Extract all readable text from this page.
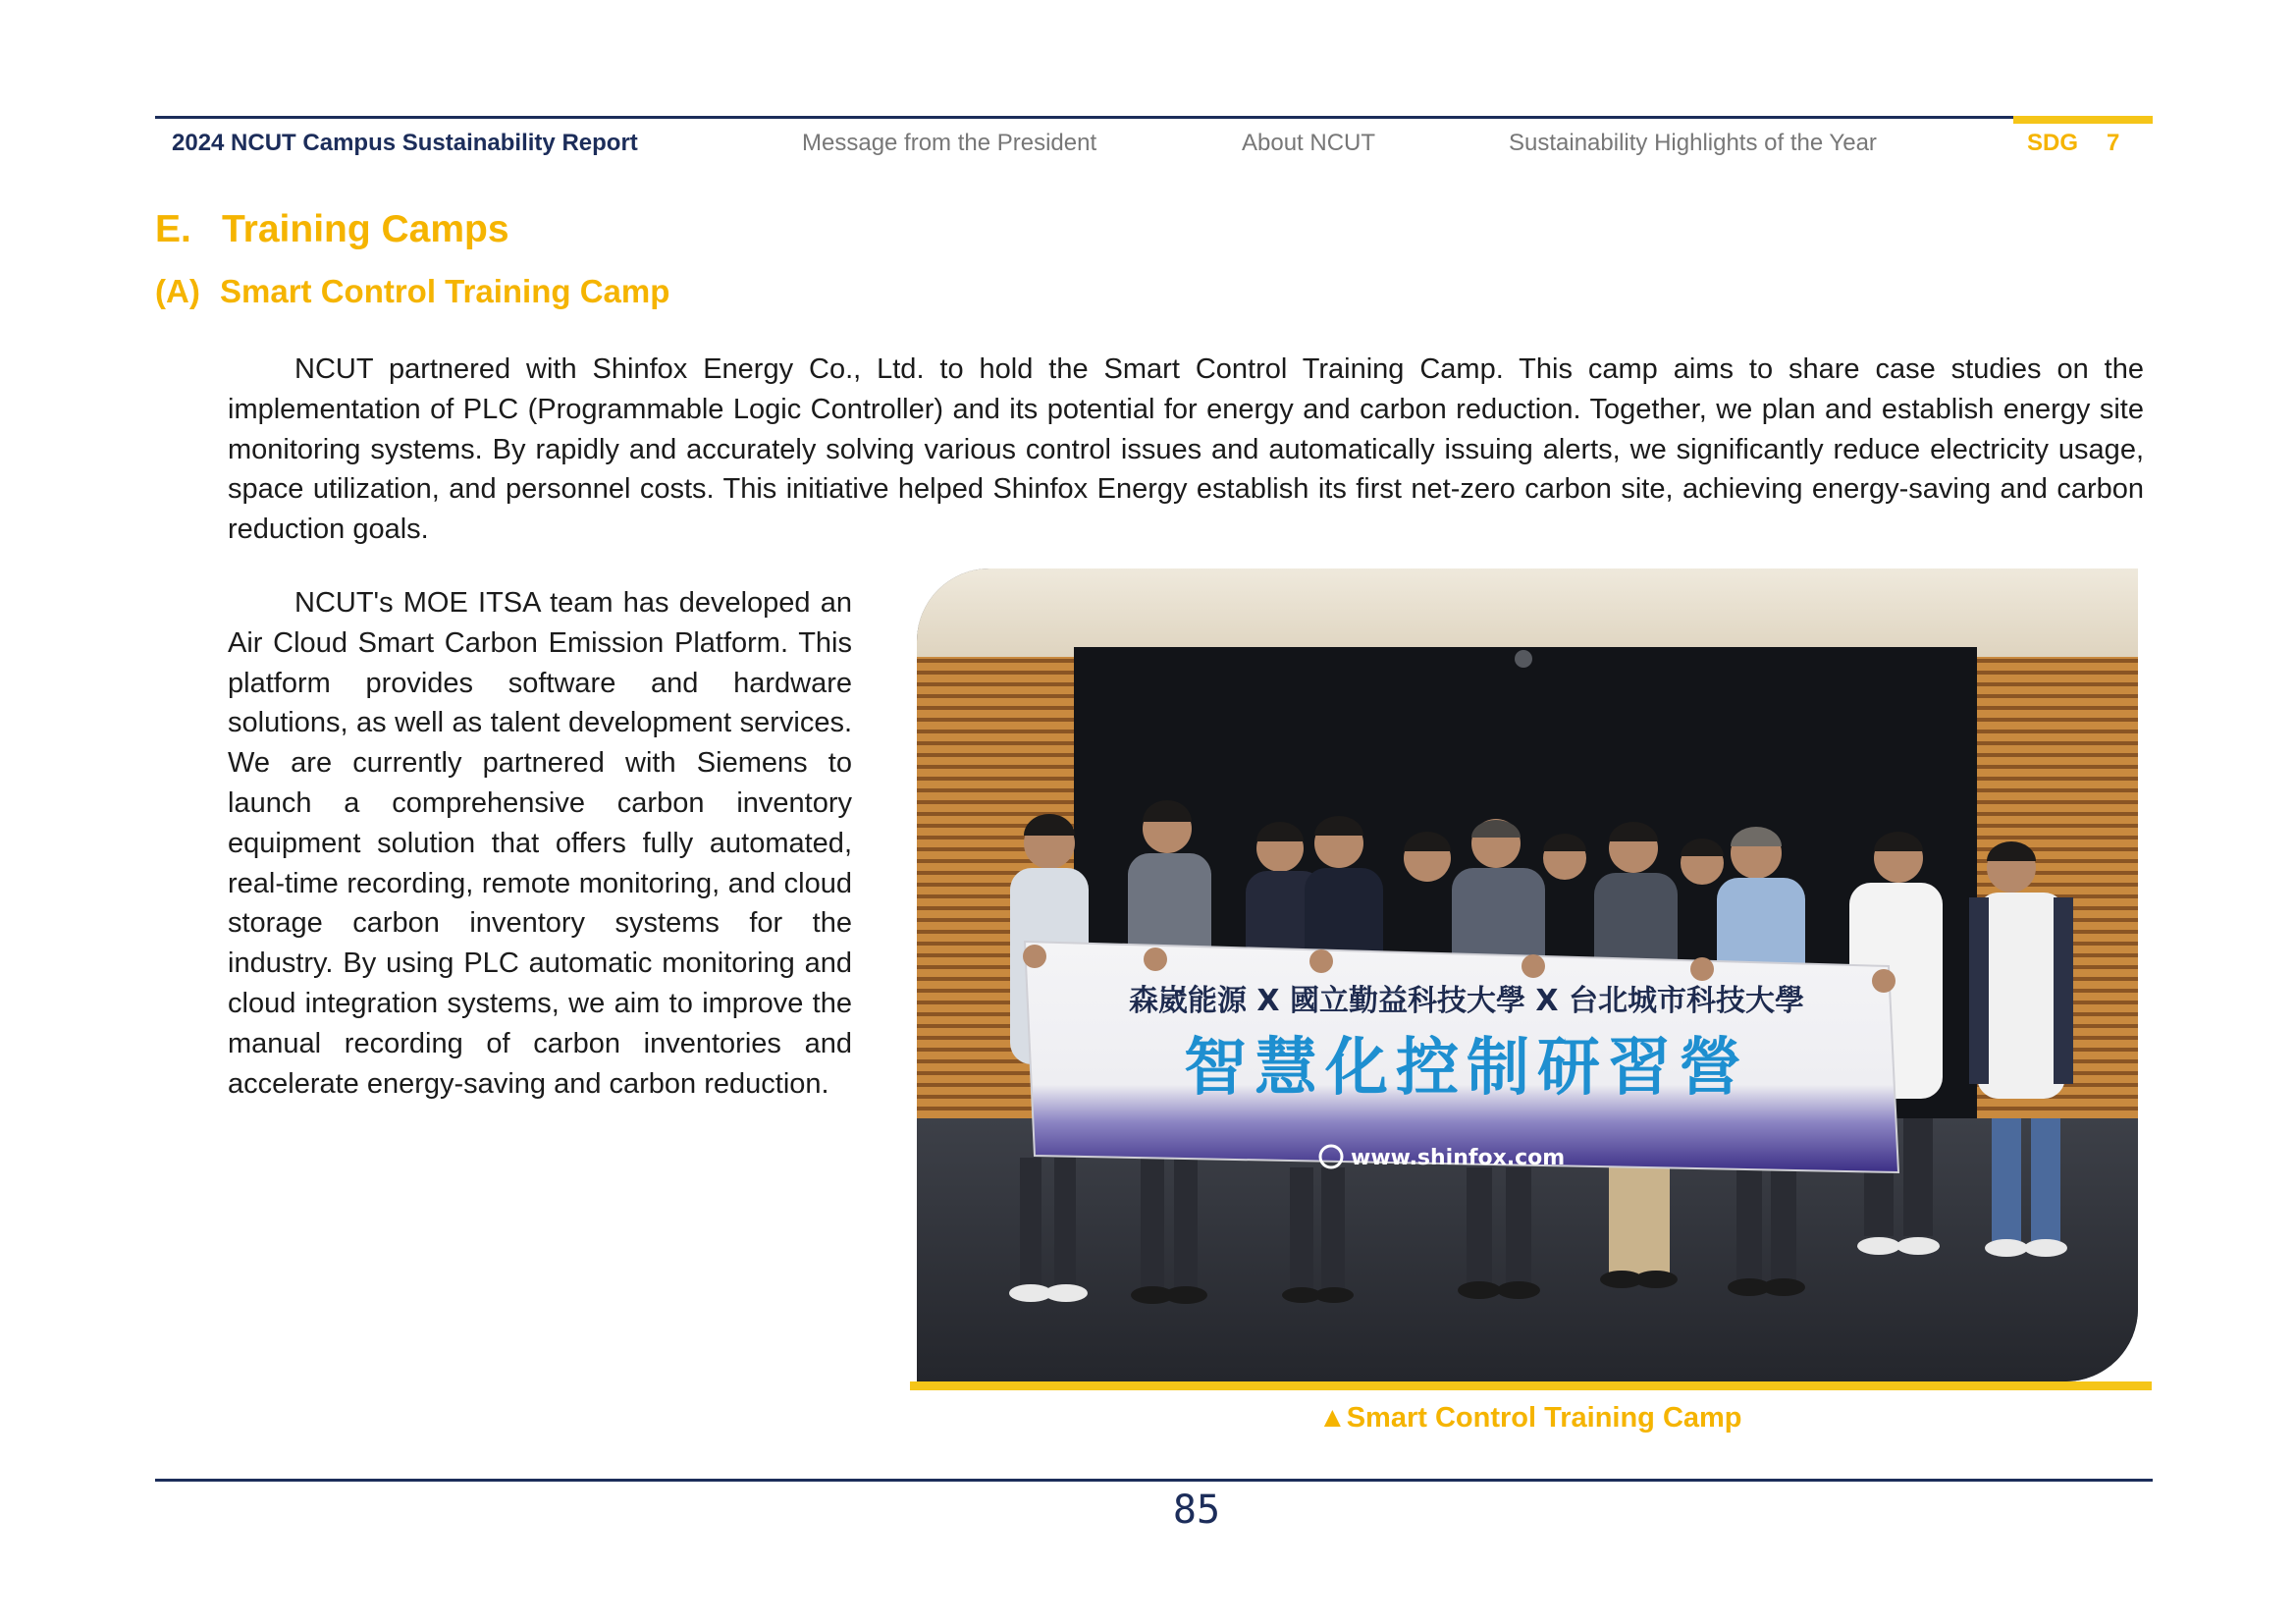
2024 NCUT Campus Sustainability Report	Message from the President	About NCUT	Sustainability Highlights of the Year	SDG 7
E. Training Camps
(A) Smart Control Training Camp
NCUT partnered with Shinfox Energy Co., Ltd. to hold the Smart Control Training Camp. This camp aims to share case studies on the implementation of PLC (Programmable Logic Controller) and its potential for energy and carbon reduction. Together, we plan and establish energy site monitoring systems. By rapidly and accurately solving various control issues and automatically issuing alerts, we significantly reduce electricity usage, space utilization, and personnel costs. This initiative helped Shinfox Energy establish its first net-zero carbon site, achieving energy-saving and carbon reduction goals.
NCUT's MOE ITSA team has developed an Air Cloud Smart Carbon Emission Platform. This platform provides software and hardware solutions, as well as talent development services. We are currently partnered with Siemens to launch a comprehensive carbon inventory equipment solution that offers fully automated, real-time recording, remote monitoring, and cloud storage carbon inventory systems for the industry. By using PLC automatic monitoring and cloud integration systems, we aim to improve the manual recording of carbon inventories and accelerate energy-saving and carbon reduction.
森崴能源 X 國立勤益科技大學 X 台北城市科技大學
智慧化控制研習營
www.shinfox.com
▲Smart Control Training Camp
85
